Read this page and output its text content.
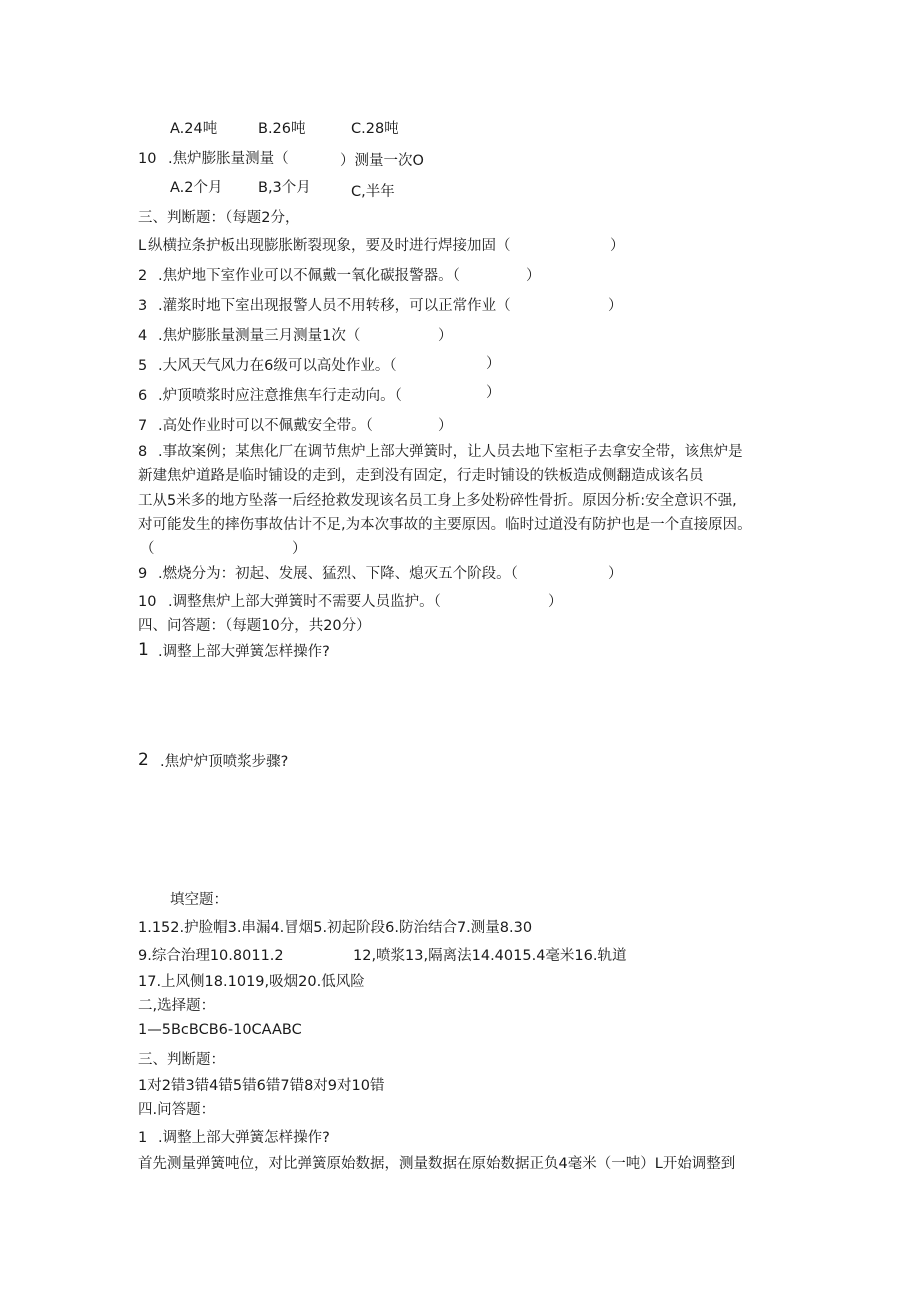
A.24吨	B.26吨	C.28吨
10 .焦炉膨胀量测量（	）测量一次O
A.2个月 B,3个月	C,半年
三、判断题：（每题2分，
L 纵横拉条护板出现膨胀断裂现象，要及时进行焊接加固（	）
2 .焦炉地下室作业可以不佩戴一氧化碳报警器。（	）
3 .灌浆时地下室出现报警人员不用转移，可以正常作业（	）
4 .焦炉膨胀量测量三月测量1次（	）
5 .大风天气风力在6级可以高处作业。（	）
6 .炉顶喷浆时应注意推焦车行走动向。（	）
7 .高处作业时可以不佩戴安全带。（	）
8 .事故案例；某焦化厂在调节焦炉上部大弹簧时，让人员去地下室柜子去拿安全带，该焦炉是
新建焦炉道路是临时铺设的走到，走到没有固定，行走时铺设的铁板造成侧翻造成该名员
工从5米多的地方坠落一后经抢救发现该名员工身上多处粉碎性骨折。原因分析:安全意识不强,
对可能发生的摔伤事故估计不足,为本次事故的主要原因。临时过道没有防护也是一个直接原因。
（	）
9 .燃烧分为：初起、发展、猛烈、下降、熄灭五个阶段。（	）
10 .调整焦炉上部大弹簧时不需要人员监护。（	）
四、问答题：（每题10分，共20分）
1 .调整上部大弹簧怎样操作?
2 .焦炉炉顶喷浆步骤?
填空题：
1.152.护脸帽3.串漏4.冒烟5.初起阶段6.防治结合7.测量8.30
9.综合治理10.8011.2	12,喷浆13,隔离法14.4015.4毫米16.轨道
17.上风侧18.1019,吸烟20.低风险
二,选择题：
1—5BcBCB6-10CAABC
三、判断题：
1对2错3错4错5错6错7错8对9对10错
四.问答题：
1 .调整上部大弹簧怎样操作?
首先测量弹簧吨位，对比弹簧原始数据，测量数据在原始数据正负4毫米（一吨）L开始调整到
